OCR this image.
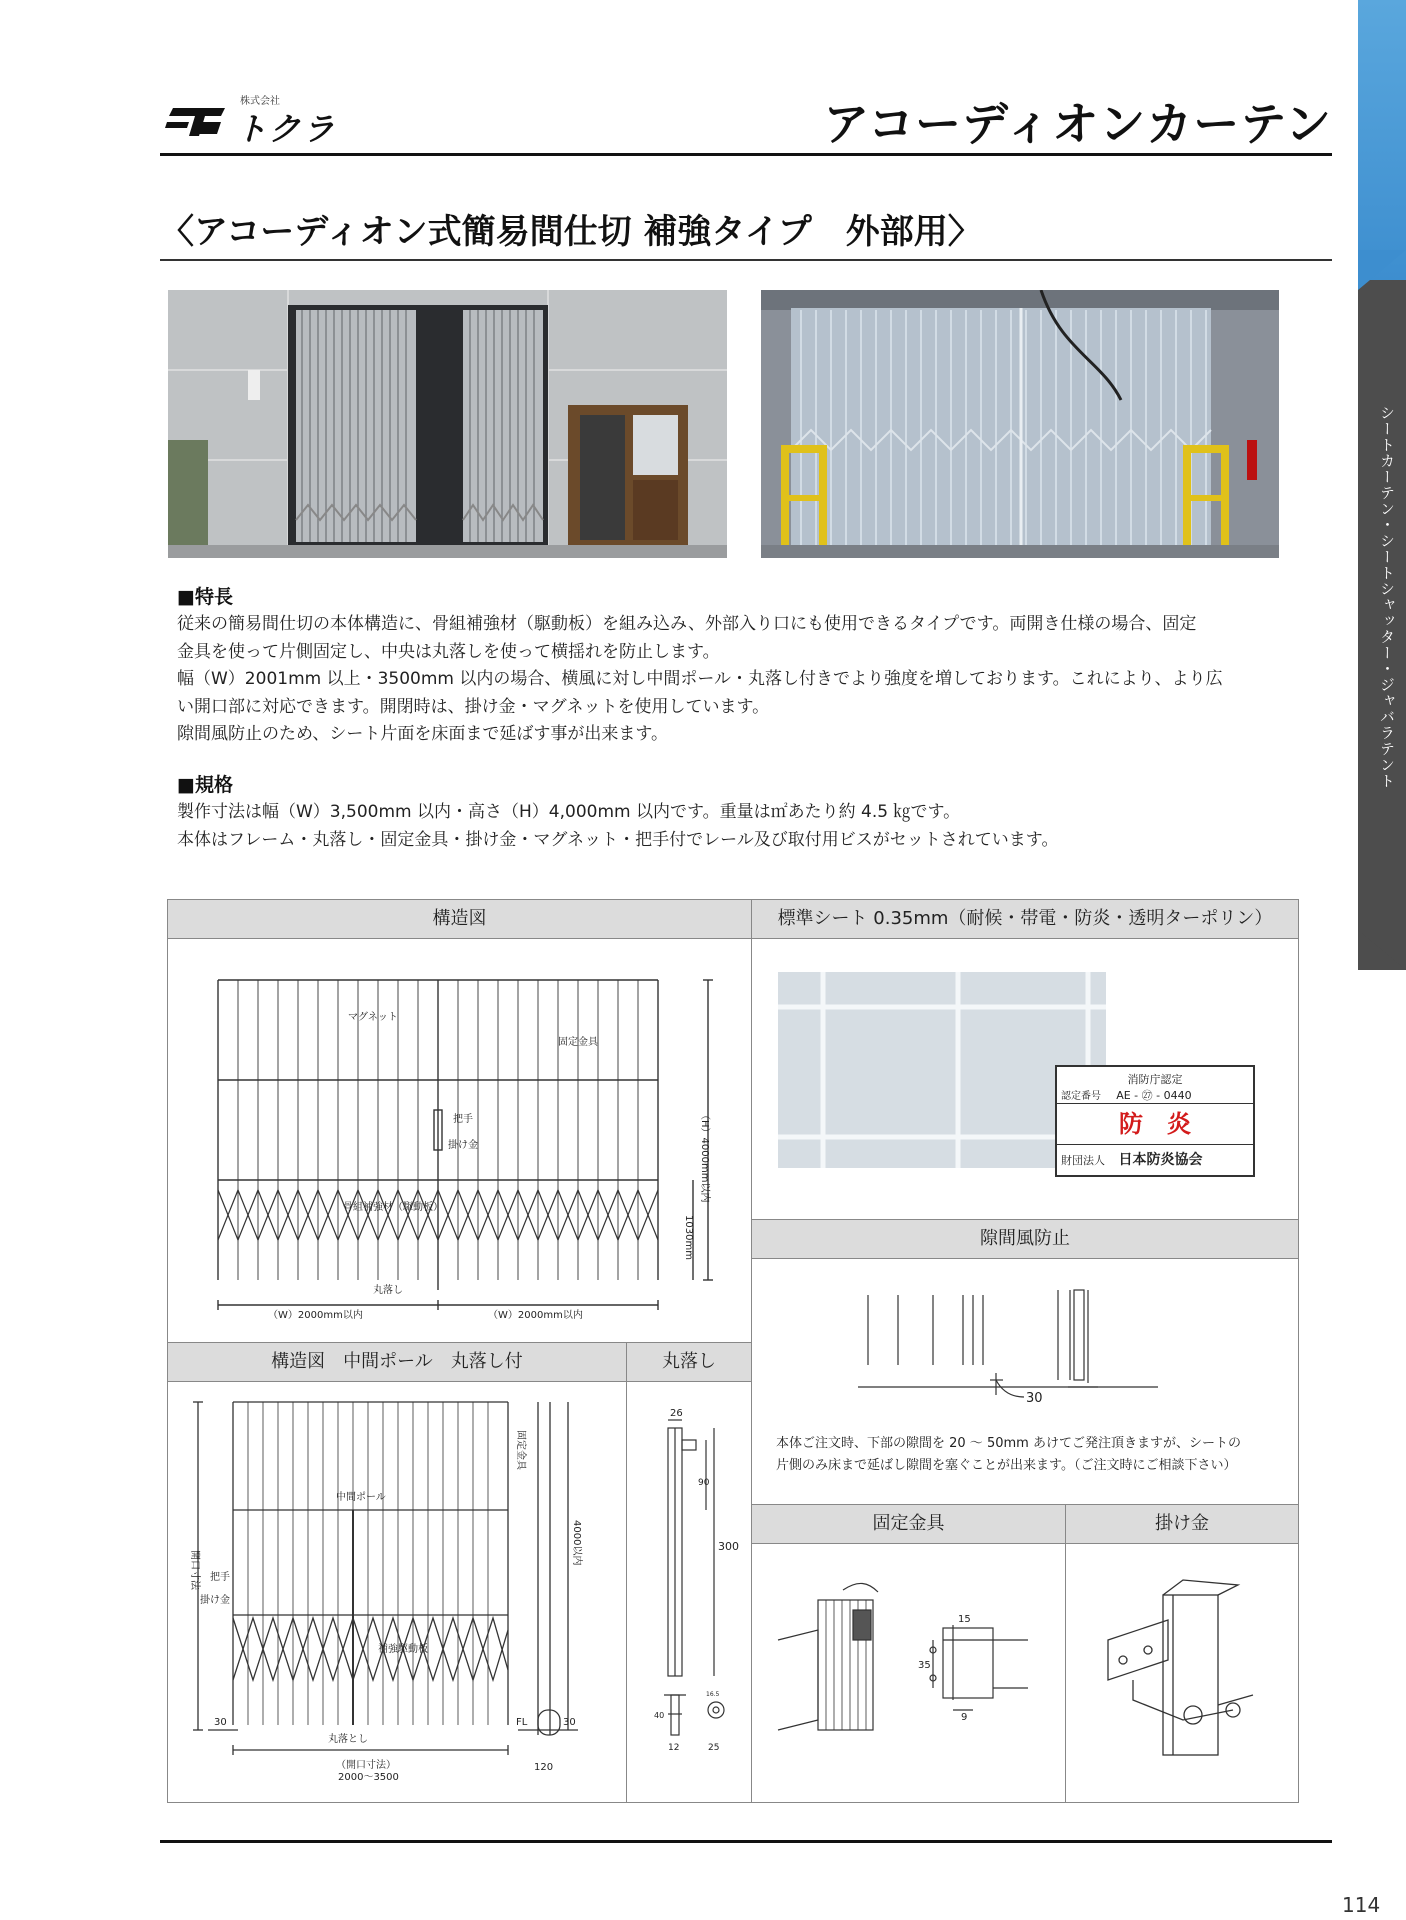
株式会社
トクラ	アコーディオンカーテン
〈アコーディオン式簡易間仕切 補強タイプ　外部用〉
シートカーテン・シートシャッター・ジャバラテント
■特長
従来の簡易間仕切の本体構造に、骨組補強材（駆動板）を組み込み、外部入り口にも使用できるタイプです。両開き仕様の場合、固定
金具を使って片側固定し、中央は丸落しを使って横揺れを防止します。
幅（W）2001mm 以上・3500mm 以内の場合、横風に対し中間ポール・丸落し付きでより強度を増しております。これにより、より広
い開口部に対応できます。開閉時は、掛け金・マグネットを使用しています。
隙間風防止のため、シート片面を床面まで延ばす事が出来ます。
■規格
製作寸法は幅（W）3,500mm 以内・高さ（H）4,000mm 以内です。重量は㎡あたり約 4.5 ㎏です。
本体はフレーム・丸落し・固定金具・掛け金・マグネット・把手付でレール及び取付用ビスがセットされています。
構造図	標準シート 0.35mm（耐候・帯電・防炎・透明ターポリン）
隙間風防止
構造図　中間ポール　丸落し付	丸落し
固定金具	掛け金
マグネット
固定金具
把手
掛け金
骨組補強材（駆動板）
丸落し
（W）2000mm以内	（W）2000mm以内
（H）4000mm以内
1030mm
消防庁認定
認定番号 AE - ㉗ - 0440
防　炎
財団法人 日本防炎協会
30
本体ご注文時、下部の隙間を 20 ～ 50mm あけてご発注頂きますが、シートの
片側のみ床まで延ばし隙間を塞ぐことが出来ます。（ご注文時にご相談下さい）
中間ポール
把手
掛け金
開口寸法
補強駆動板
丸落とし
固定金具
4000以内
FL
30	30
120
（開口寸法）
2000～3500
26
90
300
40
12	25
16.5
15
35
9
114
